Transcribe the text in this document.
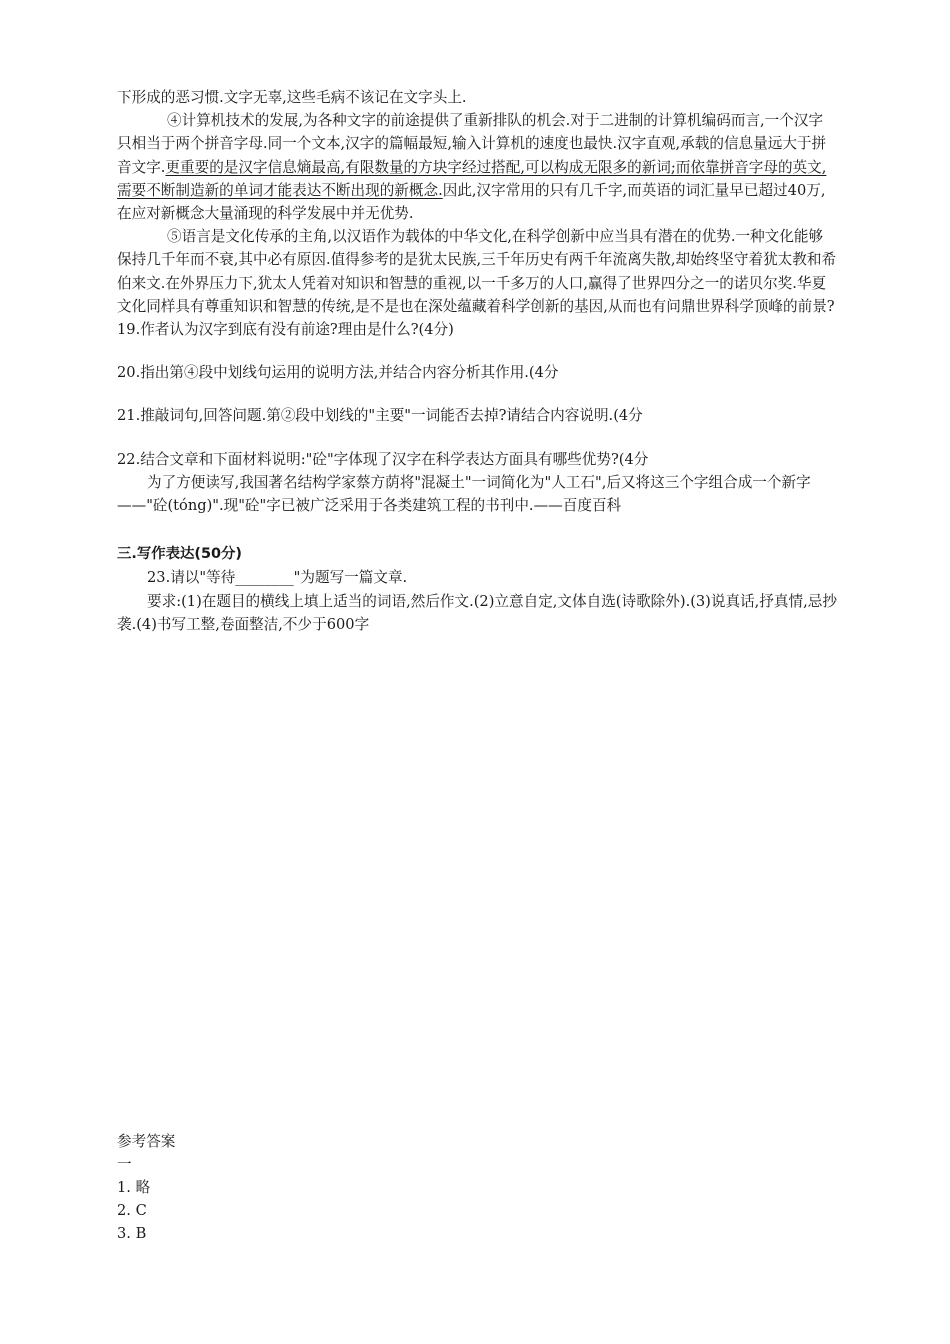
下形成的恶习惯.文字无辜,这些毛病不该记在文字头上.

④计算机技术的发展,为各种文字的前途提供了重新排队的机会.对于二进制的计算机编码而言,一个汉字只相当于两个拼音字母.同一个文本,汉字的篇幅最短,输入计算机的速度也最快.汉字直观,承载的信息量远大于拼音文字.更重要的是汉字信息熵最高,有限数量的方块字经过搭配,可以构成无限多的新词;而依靠拼音字母的英文,需要不断制造新的单词才能表达不断出现的新概念.因此,汉字常用的只有几千字,而英语的词汇量早已超过40万,在应对新概念大量涌现的科学发展中并无优势.

⑤语言是文化传承的主角,以汉语作为载体的中华文化,在科学创新中应当具有潜在的优势.一种文化能够保持几千年而不衰,其中必有原因.值得参考的是犹太民族,三千年历史有两千年流离失散,却始终坚守着犹太教和希伯来文.在外界压力下,犹太人凭着对知识和智慧的重视,以一千多万的人口,赢得了世界四分之一的诺贝尔奖.华夏文化同样具有尊重知识和智慧的传统,是不是也在深处蕴藏着科学创新的基因,从而也有问鼎世界科学顶峰的前景?19.作者认为汉字到底有没有前途?理由是什么?(4分)

20.指出第④段中划线句运用的说明方法,并结合内容分析其作用.(4分

21.推敲词句,回答问题.第②段中划线的"主要"一词能否去掉?请结合内容说明.(4分

22.结合文章和下面材料说明:"砼"字体现了汉字在科学表达方面具有哪些优势?(4分

为了方便读写,我国著名结构学家蔡方荫将"混凝土"一词简化为"人工石",后又将这三个字组合成一个新字——"砼(tóng)".现"砼"字已被广泛采用于各类建筑工程的书刊中.——百度百科

三.写作表达(50分)

23.请以"等待________"为题写一篇文章.

要求:(1)在题目的横线上填上适当的词语,然后作文.(2)立意自定,文体自选(诗歌除外).(3)说真话,抒真情,忌抄袭.(4)书写工整,卷面整洁,不少于600字

参考答案
一
1. 略
2. C
3. B
